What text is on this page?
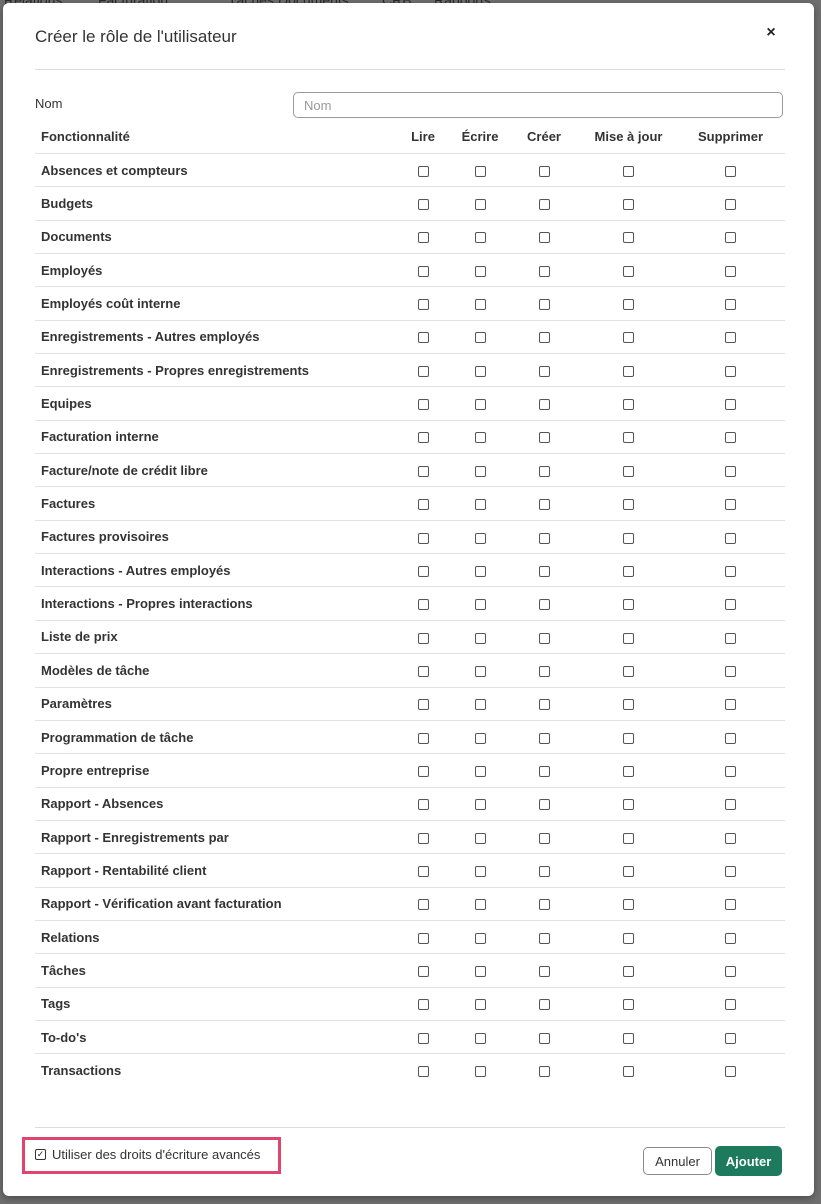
Créer le rôle de l'utilisateur	×
Nom
Nom
Fonctionnalité	Lire	Écrire	Créer	Mise à jour	Supprimer
Absences et compteurs					
Budgets					
Documents					
Employés					
Employés coût interne					
Enregistrements - Autres employés					
Enregistrements - Propres enregistrements					
Equipes					
Facturation interne					
Facture/note de crédit libre					
Factures					
Factures provisoires					
Interactions - Autres employés					
Interactions - Propres interactions					
Liste de prix					
Modèles de tâche					
Paramètres					
Programmation de tâche					
Propre entreprise					
Rapport - Absences					
Rapport - Enregistrements par					
Rapport - Rentabilité client					
Rapport - Vérification avant facturation					
Relations					
Tâches					
Tags					
To-do's					
Transactions					
✓ Utiliser des droits d'écriture avancés	Annuler	Ajouter
